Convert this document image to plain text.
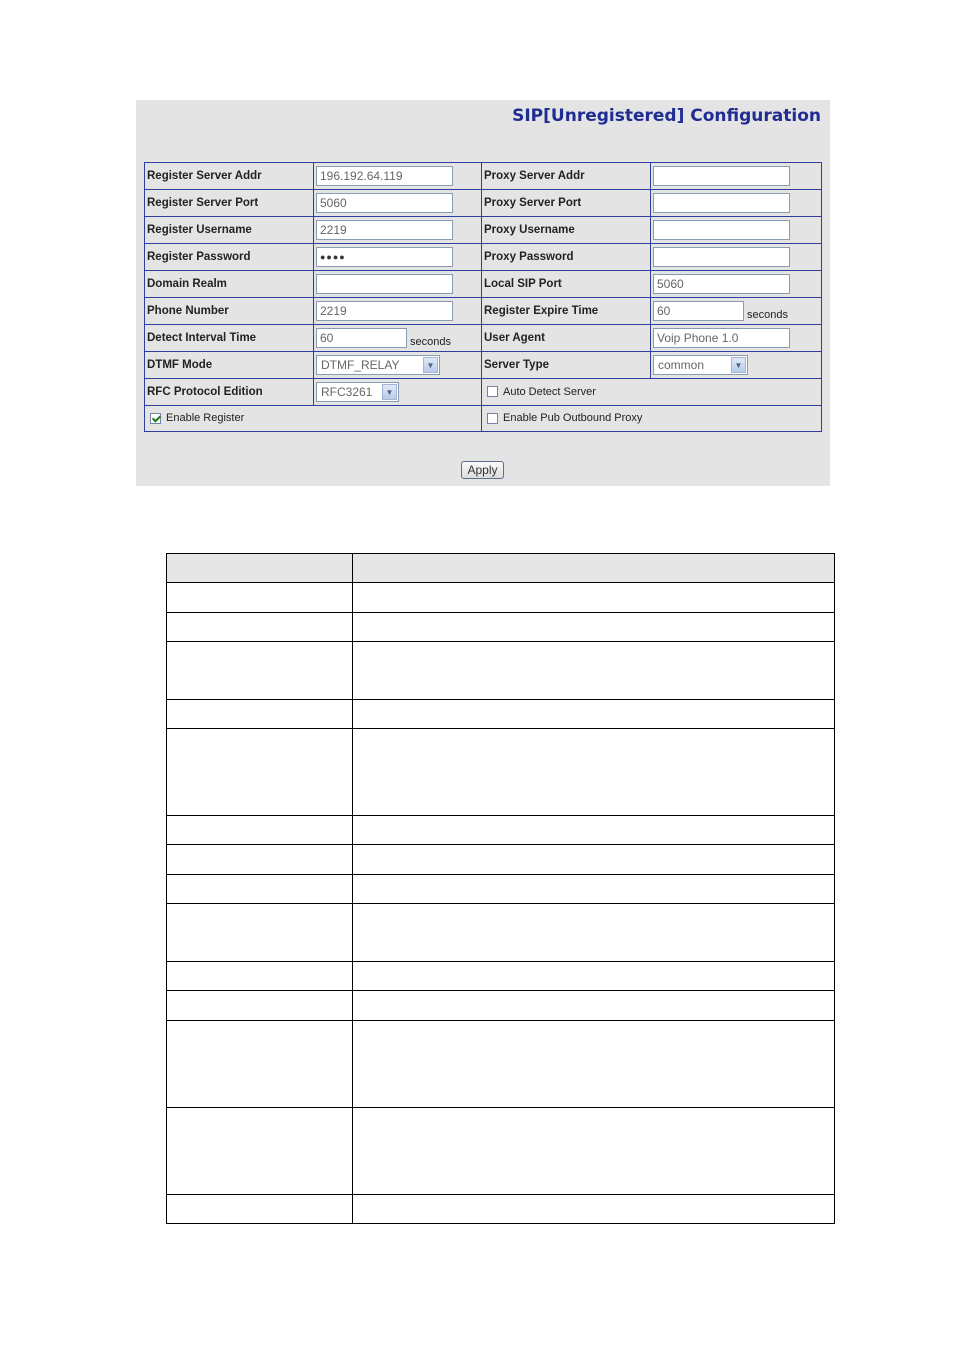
SIP[Unregistered] Configuration
Register Server Addr	196.192.64.119	Proxy Server Addr	
Register Server Port	5060	Proxy Server Port	
Register Username	2219	Proxy Username	
Register Password	●●●●	Proxy Password	
Domain Realm		Local SIP Port	5060
Phone Number	2219	Register Expire Time	60 seconds
Detect Interval Time	60 seconds	User Agent	Voip Phone 1.0
DTMF Mode	DTMF_RELAY ▼	Server Type	common ▼

RFC Protocol Edition	RFC3261 ▼	Auto Detect Server	
Enable Register		Enable Pub Outbound Proxy	
Apply
